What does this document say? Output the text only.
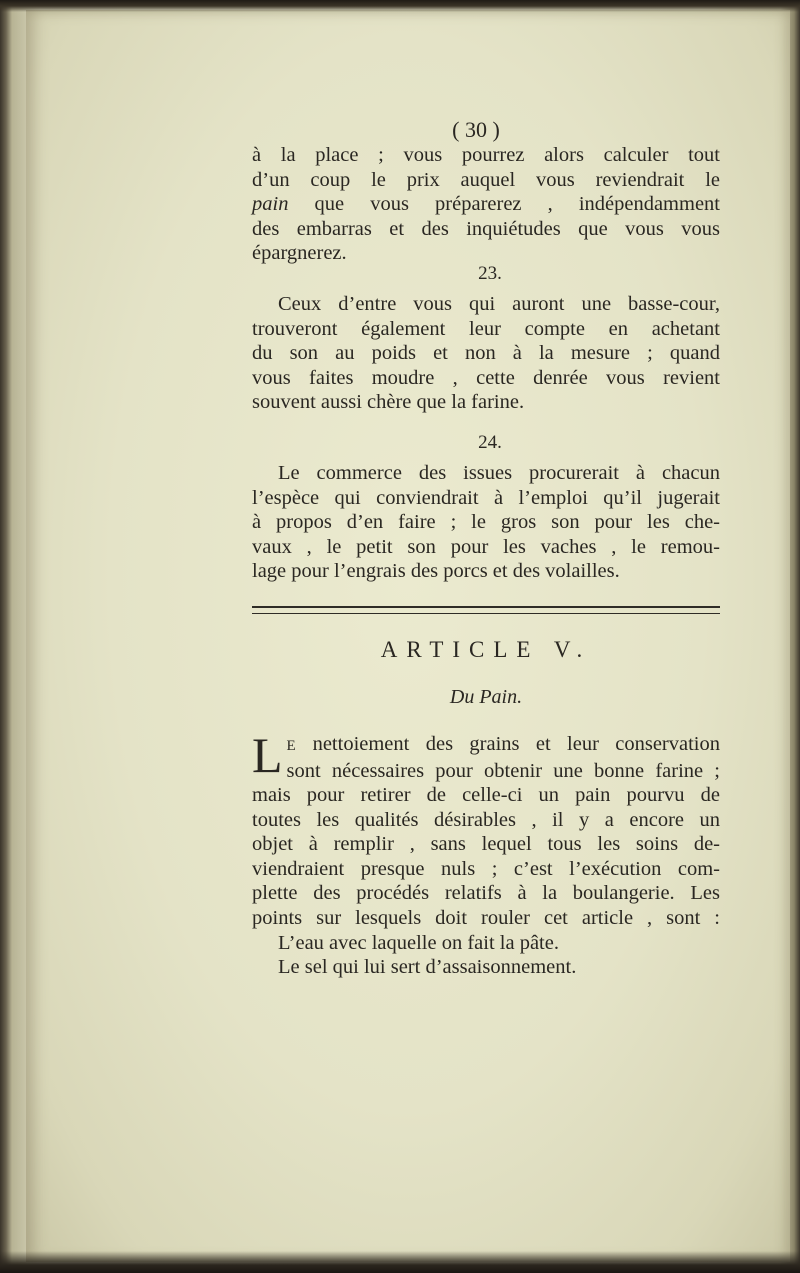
( 30 )

à la place ; vous pourrez alors calculer tout
d’un coup le prix auquel vous reviendrait le
pain que vous préparerez , indépendamment
des embarras et des inquiétudes que vous vous
épargnerez.

23.

Ceux d’entre vous qui auront une basse-cour,
trouveront également leur compte en achetant
du son au poids et non à la mesure ; quand
vous faites moudre , cette denrée vous revient
souvent aussi chère que la farine.

24.

Le commerce des issues procurerait à chacun
l’espèce qui conviendrait à l’emploi qu’il jugerait
à propos d’en faire ; le gros son pour les che-
vaux , le petit son pour les vaches , le remou-
lage pour l’engrais des porcs et des volailles.

ARTICLE V.
Du Pain.

L E nettoiement des grains et leur conservation
sont nécessaires pour obtenir une bonne farine ;
mais pour retirer de celle-ci un pain pourvu de
toutes les qualités désirables , il y a encore un
objet à remplir , sans lequel tous les soins de-
viendraient presque nuls ; c’est l’exécution com-
plette des procédés relatifs à la boulangerie. Les
points sur lesquels doit rouler cet article , sont :
L’eau avec laquelle on fait la pâte.
Le sel qui lui sert d’assaisonnement.
